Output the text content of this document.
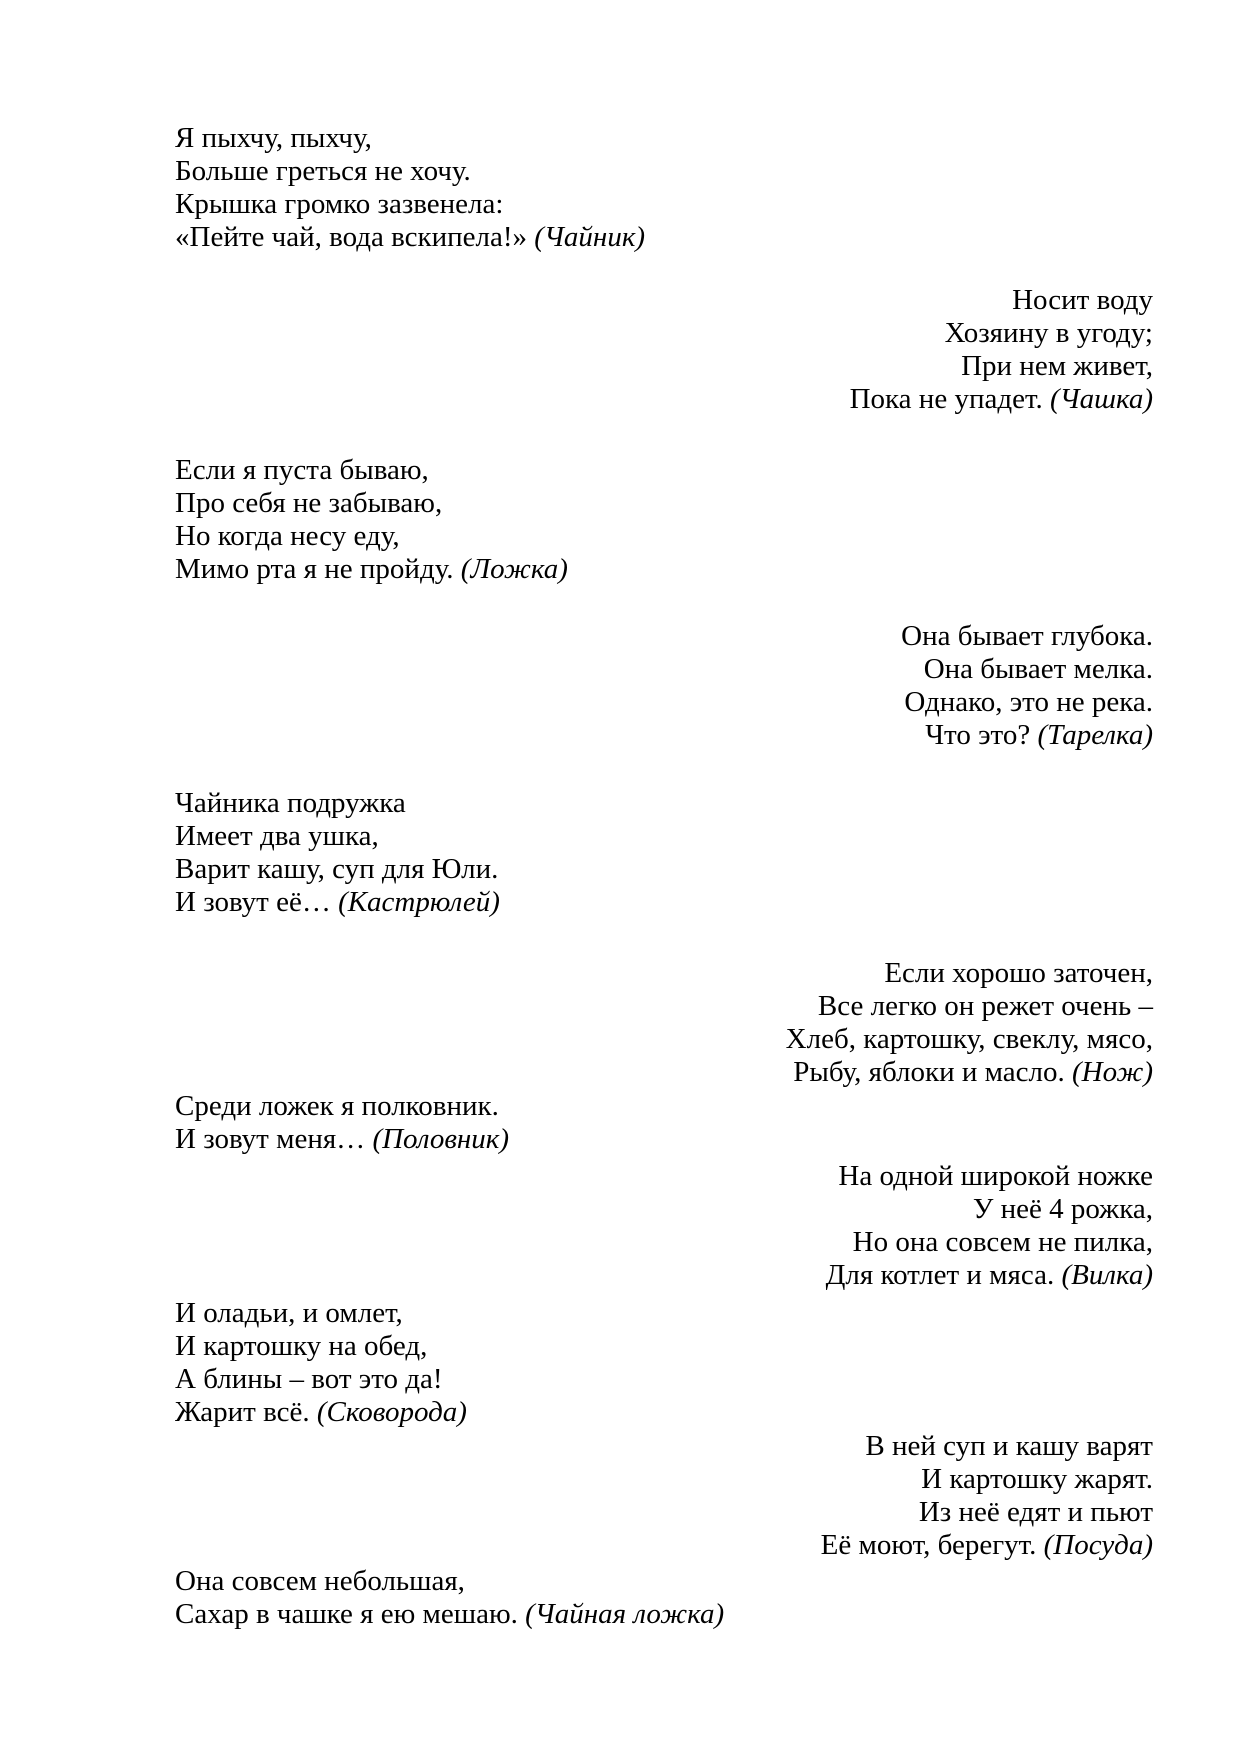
Я пыхчу, пыхчу,
Больше греться не хочу.
Крышка громко зазвенела:
«Пейте чай, вода вскипела!» (Чайник)
Носит воду
Хозяину в угоду;
При нем живет,
Пока не упадет. (Чашка)
Если я пуста бываю,
Про себя не забываю,
Но когда несу еду,
Мимо рта я не пройду. (Ложка)
Она бывает глубока.
Она бывает мелка.
Однако, это не река.
Что это? (Тарелка)
Чайника подружка
Имеет два ушка,
Варит кашу, суп для Юли.
И зовут её… (Кастрюлей)
Если хорошо заточен,
Все легко он режет очень –
Хлеб, картошку, свеклу, мясо,
Рыбу, яблоки и масло. (Нож)
Среди ложек я полковник.
И зовут меня… (Половник)
На одной широкой ножке
У неё 4 рожка,
Но она совсем не пилка,
Для котлет и мяса. (Вилка)
И оладьи, и омлет,
И картошку на обед,
А блины – вот это да!
Жарит всё. (Сковорода)
В ней суп и кашу варят
И картошку жарят.
Из неё едят и пьют
Её моют, берегут. (Посуда)
Она совсем небольшая,
Сахар в чашке я ею мешаю. (Чайная ложка)
